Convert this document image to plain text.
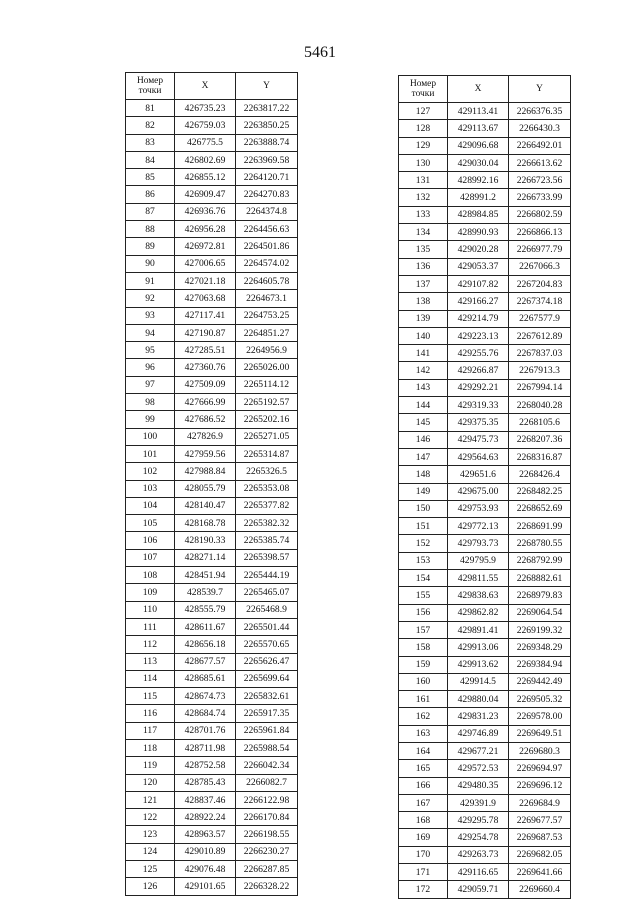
5461
Номер
точки	X	Y
81	426735.23	2263817.22
82	426759.03	2263850.25
83	426775.5	2263888.74
84	426802.69	2263969.58
85	426855.12	2264120.71
86	426909.47	2264270.83
87	426936.76	2264374.8
88	426956.28	2264456.63
89	426972.81	2264501.86
90	427006.65	2264574.02
91	427021.18	2264605.78
92	427063.68	2264673.1
93	427117.41	2264753.25
94	427190.87	2264851.27
95	427285.51	2264956.9
96	427360.76	2265026.00
97	427509.09	2265114.12
98	427666.99	2265192.57
99	427686.52	2265202.16
100	427826.9	2265271.05
101	427959.56	2265314.87
102	427988.84	2265326.5
103	428055.79	2265353.08
104	428140.47	2265377.82
105	428168.78	2265382.32
106	428190.33	2265385.74
107	428271.14	2265398.57
108	428451.94	2265444.19
109	428539.7	2265465.07
110	428555.79	2265468.9
111	428611.67	2265501.44
112	428656.18	2265570.65
113	428677.57	2265626.47
114	428685.61	2265699.64
115	428674.73	2265832.61
116	428684.74	2265917.35
117	428701.76	2265961.84
118	428711.98	2265988.54
119	428752.58	2266042.34
120	428785.43	2266082.7
121	428837.46	2266122.98
122	428922.24	2266170.84
123	428963.57	2266198.55
124	429010.89	2266230.27
125	429076.48	2266287.85
126	429101.65	2266328.22
Номер
точки	X	Y
127	429113.41	2266376.35
128	429113.67	2266430.3
129	429096.68	2266492.01
130	429030.04	2266613.62
131	428992.16	2266723.56
132	428991.2	2266733.99
133	428984.85	2266802.59
134	428990.93	2266866.13
135	429020.28	2266977.79
136	429053.37	2267066.3
137	429107.82	2267204.83
138	429166.27	2267374.18
139	429214.79	2267577.9
140	429223.13	2267612.89
141	429255.76	2267837.03
142	429266.87	2267913.3
143	429292.21	2267994.14
144	429319.33	2268040.28
145	429375.35	2268105.6
146	429475.73	2268207.36
147	429564.63	2268316.87
148	429651.6	2268426.4
149	429675.00	2268482.25
150	429753.93	2268652.69
151	429772.13	2268691.99
152	429793.73	2268780.55
153	429795.9	2268792.99
154	429811.55	2268882.61
155	429838.63	2268979.83
156	429862.82	2269064.54
157	429891.41	2269199.32
158	429913.06	2269348.29
159	429913.62	2269384.94
160	429914.5	2269442.49
161	429880.04	2269505.32
162	429831.23	2269578.00
163	429746.89	2269649.51
164	429677.21	2269680.3
165	429572.53	2269694.97
166	429480.35	2269696.12
167	429391.9	2269684.9
168	429295.78	2269677.57
169	429254.78	2269687.53
170	429263.73	2269682.05
171	429116.65	2269641.66
172	429059.71	2269660.4
